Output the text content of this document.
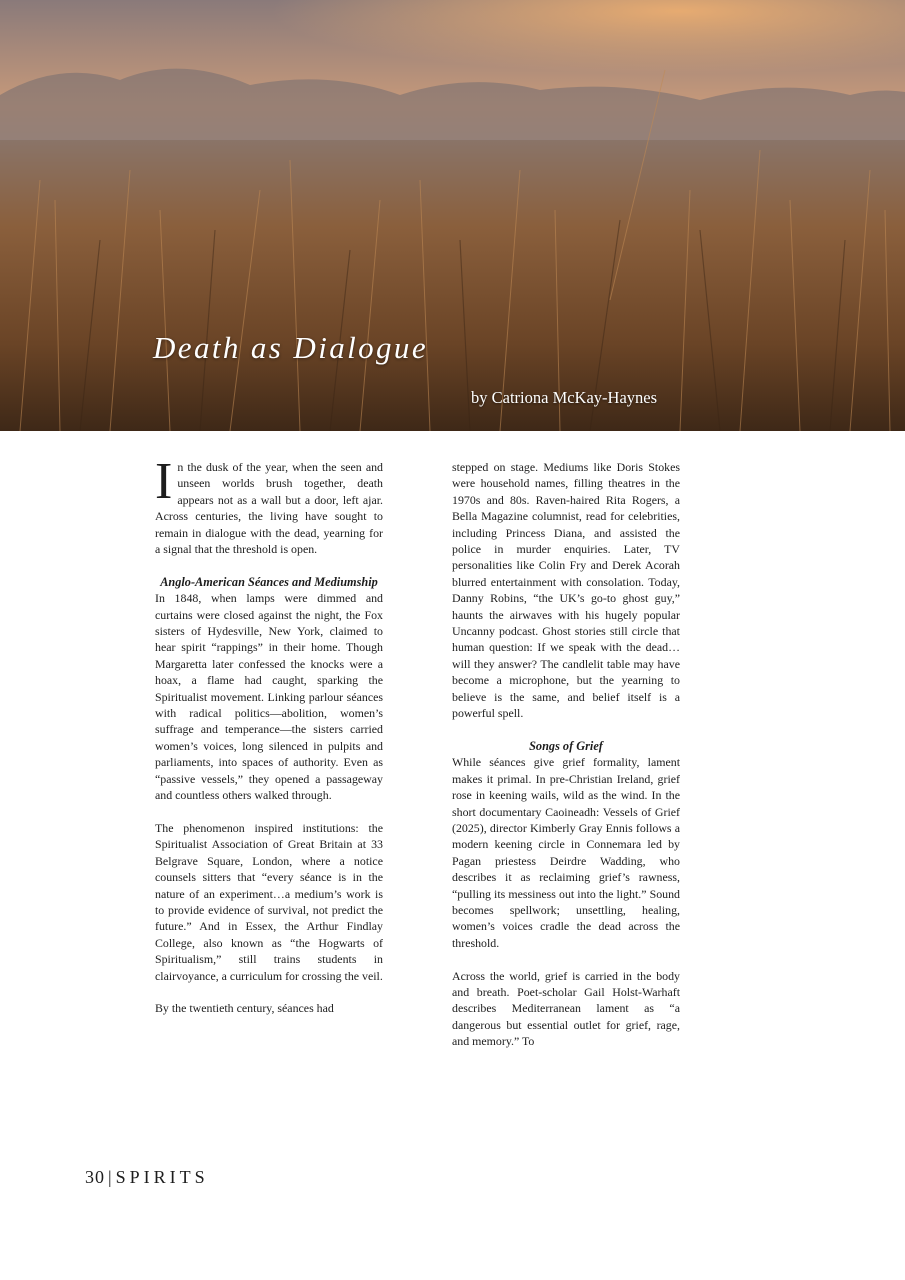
Death as Dialogue
by Catriona McKay-Haynes

In the dusk of the year, when the seen and unseen worlds brush together, death appears not as a wall but a door, left ajar. Across centuries, the living have sought to remain in dialogue with the dead, yearning for a signal that the threshold is open.

Anglo-American Séances and Mediumship

In 1848, when lamps were dimmed and curtains were closed against the night, the Fox sisters of Hydesville, New York, claimed to hear spirit “rappings” in their home. Though Margaretta later confessed the knocks were a hoax, a flame had caught, sparking the Spiritualist movement. Linking parlour séances with radical politics—abolition, women’s suffrage and temperance—the sisters carried women’s voices, long silenced in pulpits and parliaments, into spaces of authority. Even as “passive vessels,” they opened a passageway and countless others walked through.

The phenomenon inspired institutions: the Spiritualist Association of Great Britain at 33 Belgrave Square, London, where a notice counsels sitters that “every séance is in the nature of an experiment…a medium’s work is to provide evidence of survival, not predict the future.” And in Essex, the Arthur Findlay College, also known as “the Hogwarts of Spiritualism,” still trains students in clairvoyance, a curriculum for crossing the veil.

By the twentieth century, séances had

stepped on stage. Mediums like Doris Stokes were household names, filling theatres in the 1970s and 80s. Raven-haired Rita Rogers, a Bella Magazine columnist, read for celebrities, including Princess Diana, and assisted the police in murder enquiries. Later, TV personalities like Colin Fry and Derek Acorah blurred entertainment with consolation. Today, Danny Robins, “the UK’s go-to ghost guy,” haunts the airwaves with his hugely popular Uncanny podcast. Ghost stories still circle that human question: If we speak with the dead…will they answer? The candlelit table may have become a microphone, but the yearning to believe is the same, and belief itself is a powerful spell.

Songs of Grief

While séances give grief formality, lament makes it primal. In pre-Christian Ireland, grief rose in keening wails, wild as the wind. In the short documentary Caoineadh: Vessels of Grief (2025), director Kimberly Gray Ennis follows a modern keening circle in Connemara led by Pagan priestess Deirdre Wadding, who describes it as reclaiming grief’s rawness, “pulling its messiness out into the light.” Sound becomes spellwork; unsettling, healing, women’s voices cradle the dead across the threshold.

Across the world, grief is carried in the body and breath. Poet-scholar Gail Holst-Warhaft describes Mediterranean lament as “a dangerous but essential outlet for grief, rage, and memory.” To

30 | SPIRITS
